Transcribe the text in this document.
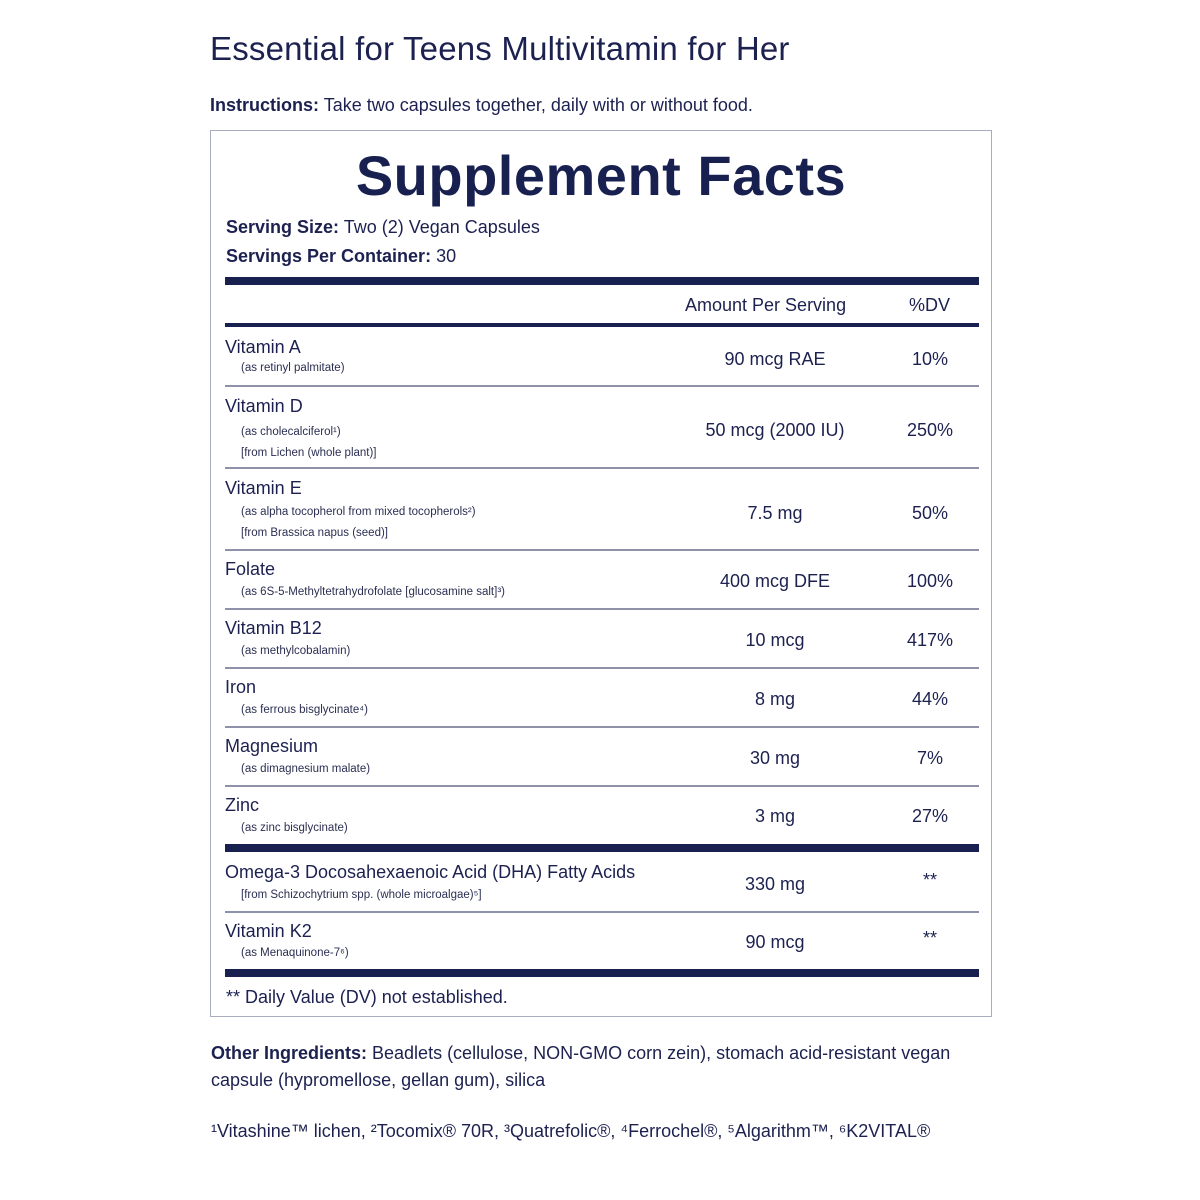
Essential for Teens Multivitamin for Her
Instructions: Take two capsules together, daily with or without food.
Supplement Facts
Serving Size: Two (2) Vegan Capsules
Servings Per Container: 30
Amount Per Serving	%DV
Vitamin A
(as retinyl palmitate)	90 mcg RAE	10%
Vitamin D
(as cholecalciferol¹)
[from Lichen (whole plant)]
50 mcg (2000 IU)	250%
Vitamin E
(as alpha tocopherol from mixed tocopherols²)
[from Brassica napus (seed)]
7.5 mg	50%
Folate
(as 6S-5-Methyltetrahydrofolate [glucosamine salt]³)
400 mcg DFE	100%
Vitamin B12
(as methylcobalamin)
10 mcg	417%
Iron
(as ferrous bisglycinate⁴)
8 mg	44%
Magnesium
(as dimagnesium malate)
30 mg	7%
Zinc
(as zinc bisglycinate)
3 mg	27%
Omega-3 Docosahexaenoic Acid (DHA) Fatty Acids
[from Schizochytrium spp. (whole microalgae)⁵]
330 mg	**
Vitamin K2
(as Menaquinone-7⁶)
90 mcg	**
** Daily Value (DV) not established.
Other Ingredients: Beadlets (cellulose, NON-GMO corn zein), stomach acid-resistant vegan capsule (hypromellose, gellan gum), silica
¹Vitashine™ lichen, ²Tocomix® 70R, ³Quatrefolic®, ⁴Ferrochel®, ⁵Algarithm™, ⁶K2VITAL®
